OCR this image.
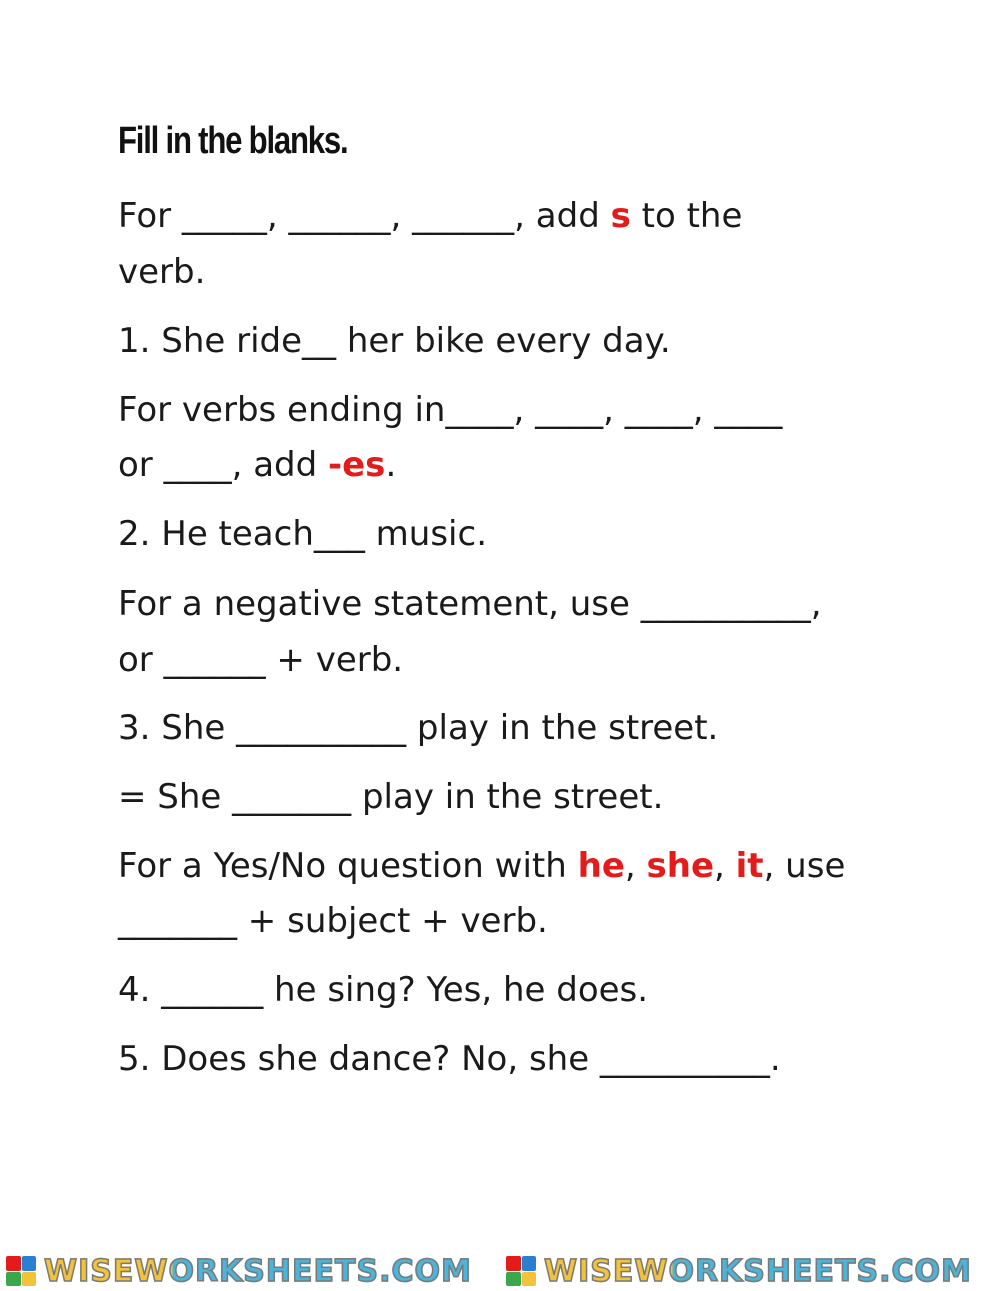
Fill in the blanks.

For _____, ______, ______, add s to the

verb.

1. She ride__ her bike every day.

For verbs ending in____, ____, ____, ____

or ____, add -es.

2. He teach___ music.

For a negative statement, use __________,

or ______ + verb.

3. She __________ play in the street.

= She _______ play in the street.

For a Yes/No question with he, she, it, use

_______ + subject + verb.

4. ______ he sing? Yes, he does.

5. Does she dance? No, she __________.

WISEWORKSHEETS.COM WISEWORKSHEETS.COM
